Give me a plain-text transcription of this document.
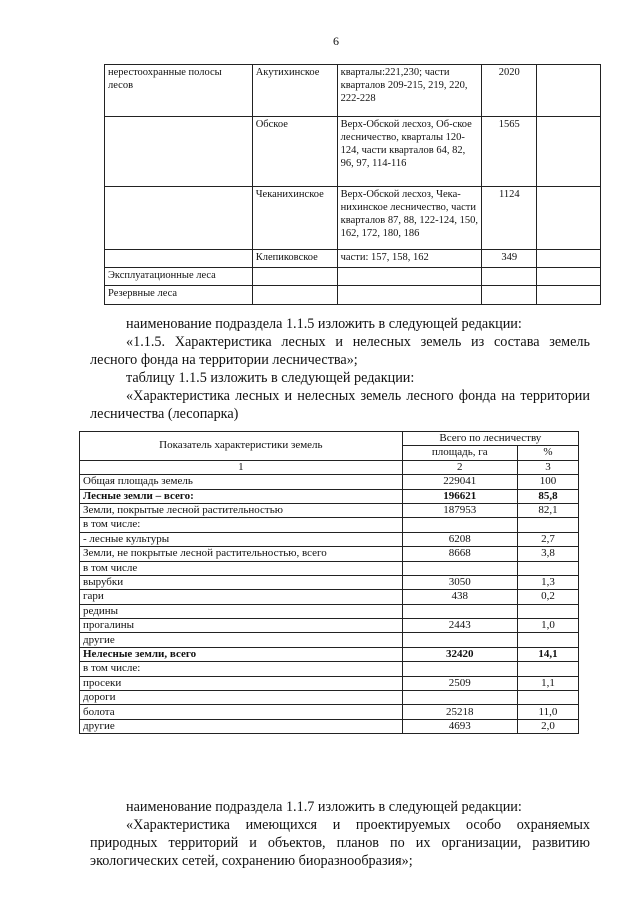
6
нерестоохранные полосы лесов	Акутихинское	кварталы:221,230; части кварталов 209-215, 219, 220, 222-228	2020	
	Обское	Верх-Обской лесхоз, Об-ское лесничество, кварталы 120-124, части кварталов 64, 82, 96, 97, 114-116	1565	
	Чеканихинское	Верх-Обской лесхоз, Чека-нихинское лесничество, части кварталов 87, 88, 122-124, 150, 162, 172, 180, 186	1124	
	Клепиковское	части: 157, 158, 162	349	
Эксплуатационные леса				
Резервные леса				

наименование подраздела 1.1.5 изложить в следующей редакции:

«1.1.5. Характеристика лесных и нелесных земель из состава земель лесного фонда на территории лесничества»;

таблицу 1.1.5 изложить в следующей редакции:

«Характеристика лесных и нелесных земель лесного фонда на территории лесничества (лесопарка)

Показатель характеристики земель	Всего по лесничеству	
	площадь, га	%
1	2	3
Общая площадь земель	229041	100
Лесные земли – всего:	196621	85,8
Земли, покрытые лесной растительностью	187953	82,1
в том числе:		
- лесные культуры	6208	2,7
Земли, не покрытые лесной растительностью, всего	8668	3,8
в том числе		
вырубки	3050	1,3
гари	438	0,2
редины		
прогалины	2443	1,0
другие		
Нелесные земли, всего	32420	14,1
в том числе:		
просеки	2509	1,1
дороги		
болота	25218	11,0
другие	4693	2,0

наименование подраздела 1.1.7 изложить в следующей редакции:

«Характеристика имеющихся и проектируемых особо охраняемых природных территорий и объектов, планов по их организации, развитию экологических сетей, сохранению биоразнообразия»;
